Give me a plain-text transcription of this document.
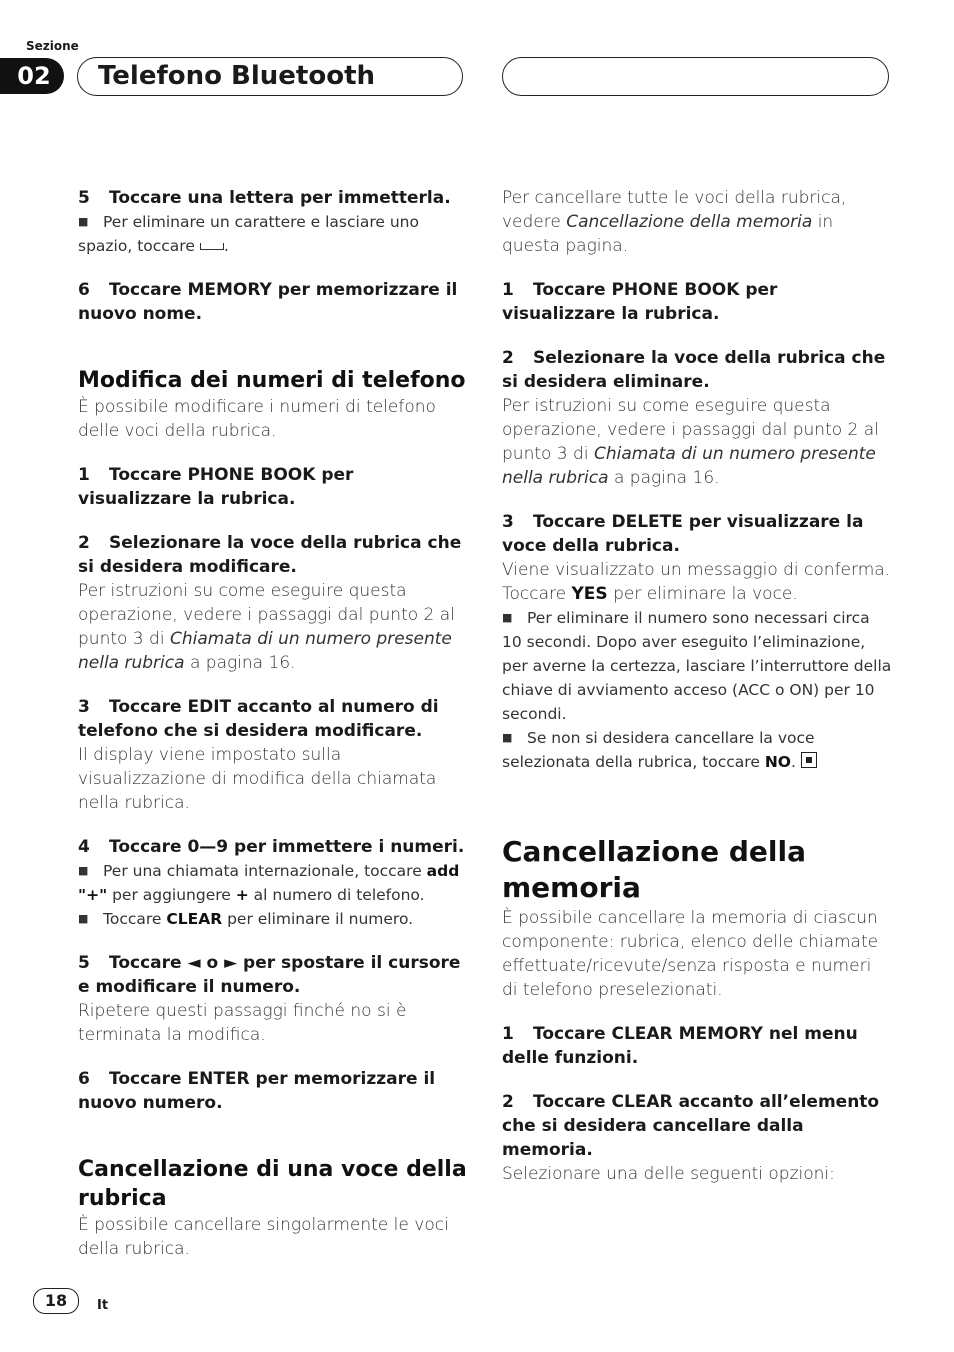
Sezione
02	Telefono Bluetooth

5 Toccare una lettera per immetterla.

■ Per eliminare un carattere e lasciare uno spazio, toccare .

6 Toccare MEMORY per memorizzare il nuovo nome.

Modifica dei numeri di telefono

È possibile modificare i numeri di telefono delle voci della rubrica.

1 Toccare PHONE BOOK per visualizzare la rubrica.

2 Selezionare la voce della rubrica che si desidera modificare.

Per istruzioni su come eseguire questa operazione, vedere i passaggi dal punto 2 al punto 3 di Chiamata di un numero presente nella rubrica a pagina 16.

3 Toccare EDIT accanto al numero di telefono che si desidera modificare.

Il display viene impostato sulla visualizzazione di modifica della chiamata nella rubrica.

4 Toccare 0—9 per immettere i numeri.

■ Per una chiamata internazionale, toccare add "+" per aggiungere + al numero di telefono.

■ Toccare CLEAR per eliminare il numero.

5 Toccare ◄ o ► per spostare il cursore e modificare il numero.

Ripetere questi passaggi finché no si è terminata la modifica.

6 Toccare ENTER per memorizzare il nuovo numero.

Cancellazione di una voce della rubrica

È possibile cancellare singolarmente le voci della rubrica.

Per cancellare tutte le voci della rubrica, vedere Cancellazione della memoria in questa pagina.

1 Toccare PHONE BOOK per visualizzare la rubrica.

2 Selezionare la voce della rubrica che si desidera eliminare.

Per istruzioni su come eseguire questa operazione, vedere i passaggi dal punto 2 al punto 3 di Chiamata di un numero presente nella rubrica a pagina 16.

3 Toccare DELETE per visualizzare la voce della rubrica.

Viene visualizzato un messaggio di conferma. Toccare YES per eliminare la voce.

■ Per eliminare il numero sono necessari circa 10 secondi. Dopo aver eseguito l’eliminazione, per averne la certezza, lasciare l’interruttore della chiave di avviamento acceso (ACC o ON) per 10 secondi.

■ Se non si desidera cancellare la voce selezionata della rubrica, toccare NO.

Cancellazione della memoria

È possibile cancellare la memoria di ciascun componente: rubrica, elenco delle chiamate effettuate/ricevute/senza risposta e numeri di telefono preselezionati.

1 Toccare CLEAR MEMORY nel menu delle funzioni.

2 Toccare CLEAR accanto all’elemento che si desidera cancellare dalla memoria.

Selezionare una delle seguenti opzioni:

18	It
